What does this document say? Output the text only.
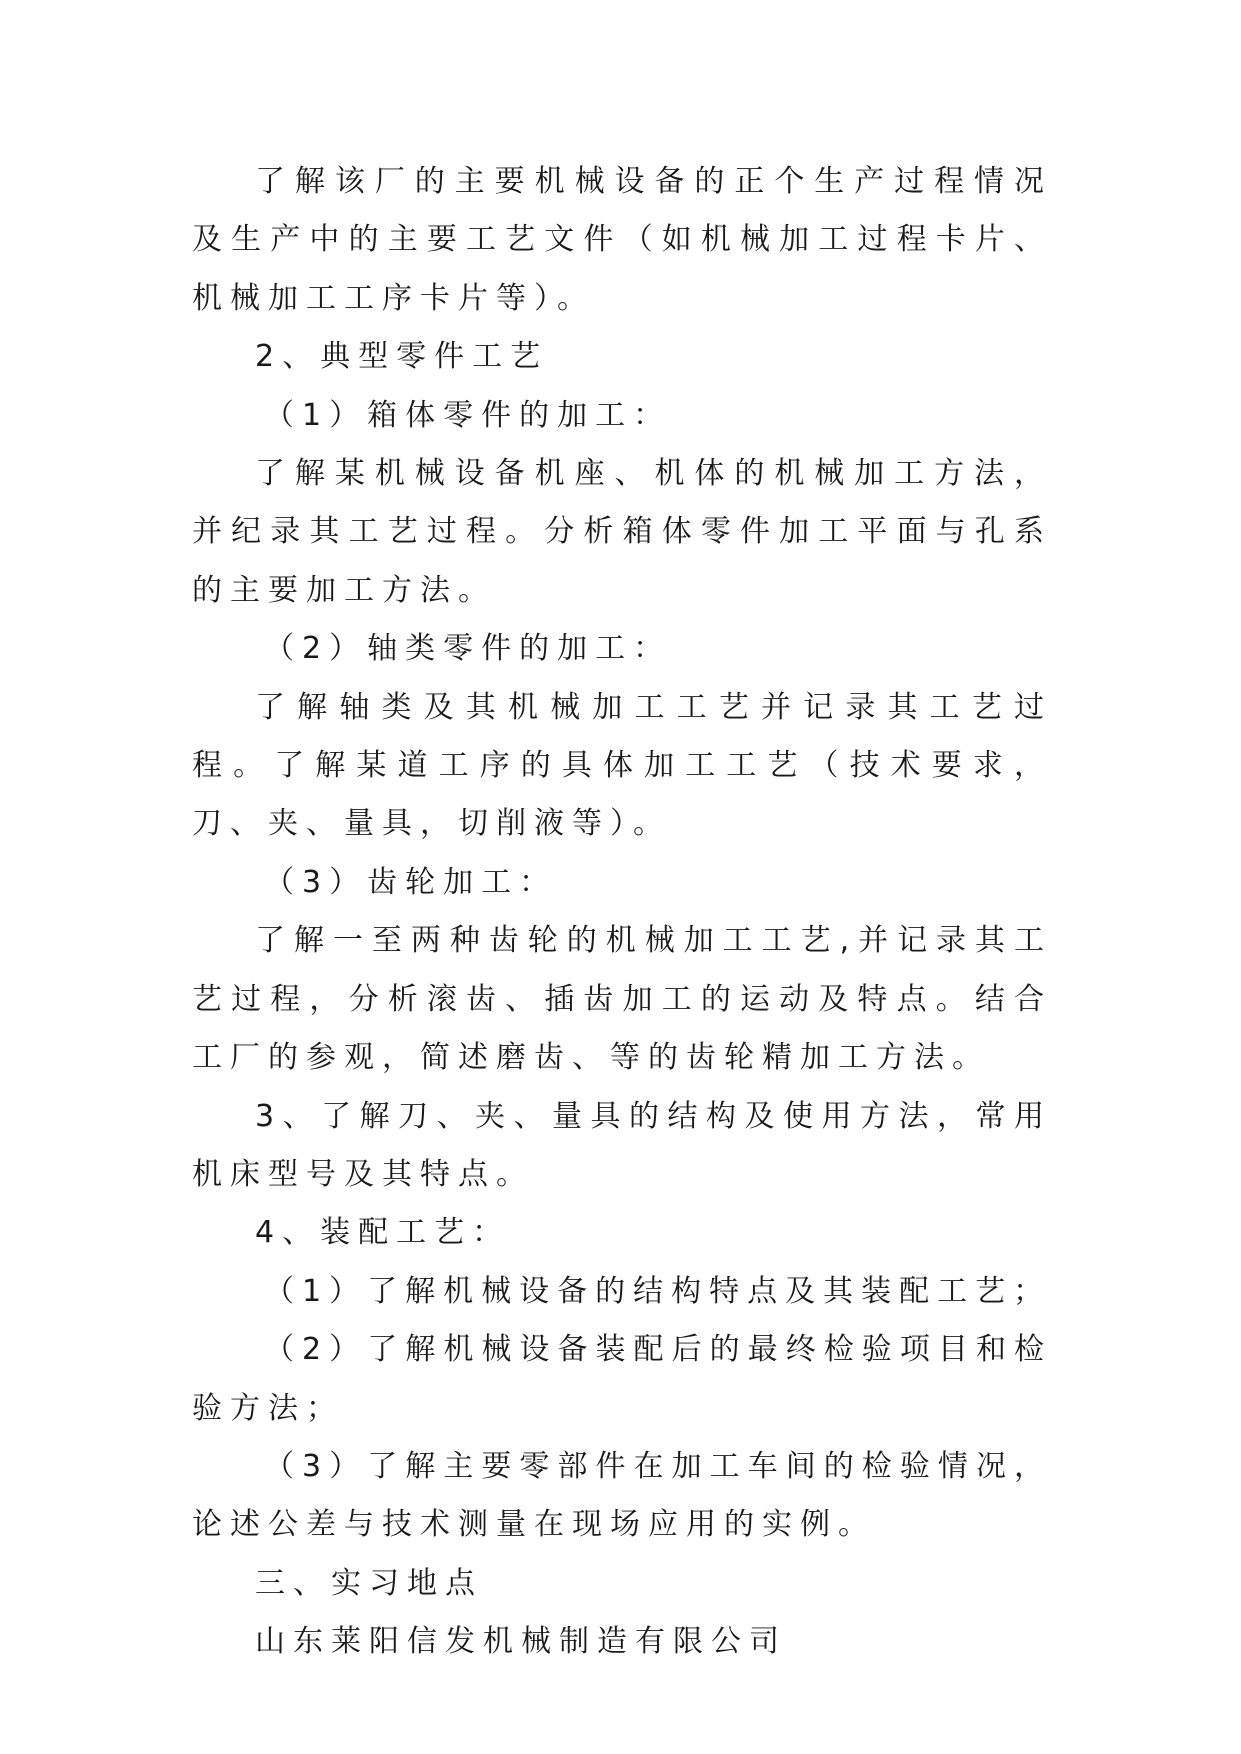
了解该厂的主要机械设备的正个生产过程情况及生产中的主要工艺文件（如机械加工过程卡片、机械加工工序卡片等）。

2、典型零件工艺

（1）箱体零件的加工：

了解某机械设备机座、机体的机械加工方法，并纪录其工艺过程。分析箱体零件加工平面与孔系的主要加工方法。

（2）轴类零件的加工：

了解轴类及其机械加工工艺并记录其工艺过程。了解某道工序的具体加工工艺（技术要求，刀、夹、量具，切削液等）。

（3）齿轮加工：

了解一至两种齿轮的机械加工工艺,并记录其工艺过程，分析滚齿、插齿加工的运动及特点。结合工厂的参观，简述磨齿、等的齿轮精加工方法。

3、了解刀、夹、量具的结构及使用方法，常用机床型号及其特点。

4、装配工艺：

（1）了解机械设备的结构特点及其装配工艺；

（2）了解机械设备装配后的最终检验项目和检验方法；

（3）了解主要零部件在加工车间的检验情况，论述公差与技术测量在现场应用的实例。

三、实习地点

山东莱阳信发机械制造有限公司
